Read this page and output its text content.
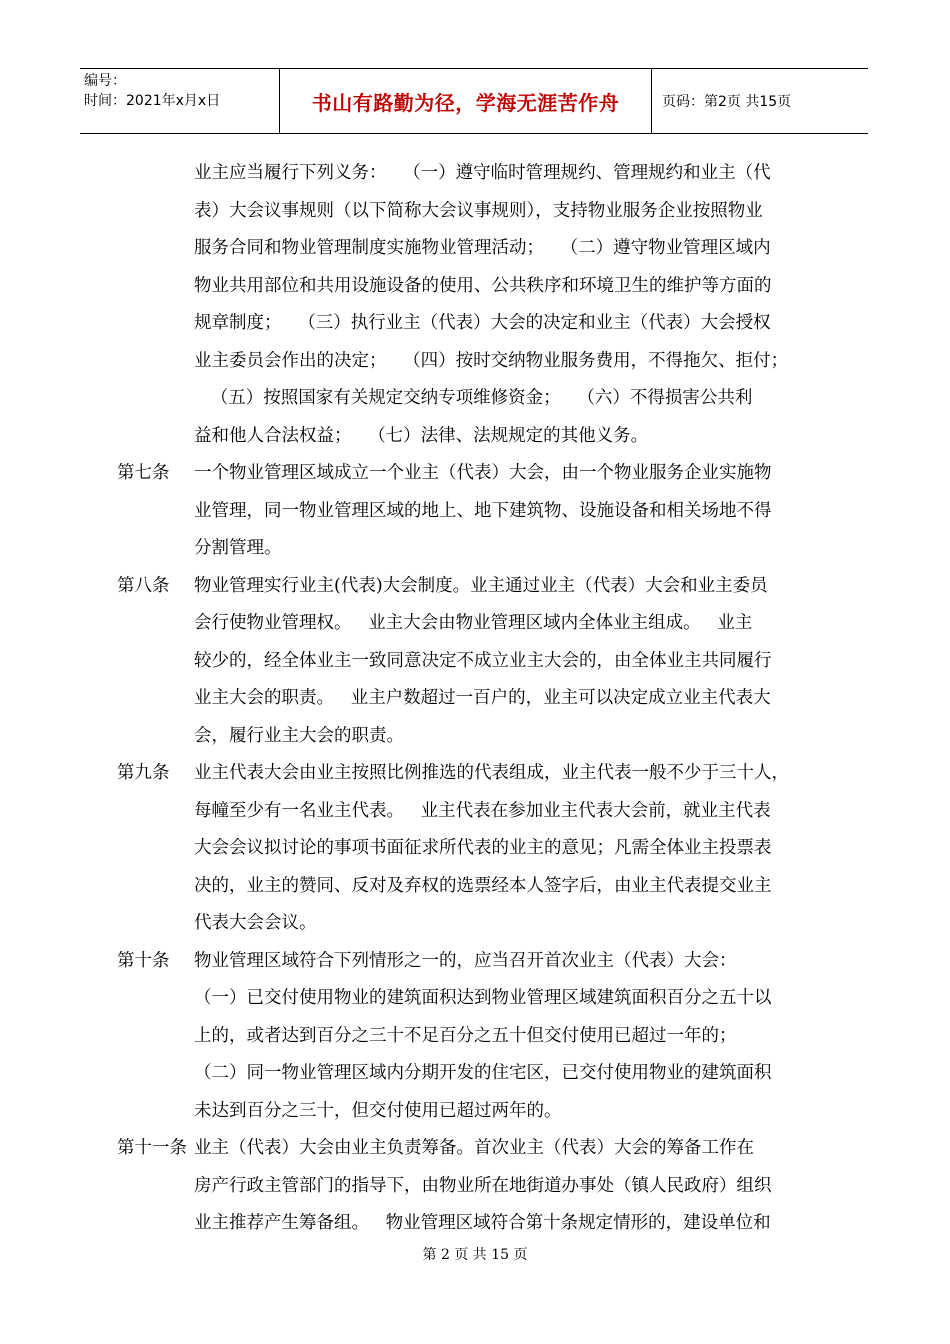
编号：
时间：2021年x月x日	书山有路勤为径，学海无涯苦作舟	页码：第2页 共15页
业主应当履行下列义务：   （一）遵守临时管理规约、管理规约和业主（代
表）大会议事规则（以下简称大会议事规则），支持物业服务企业按照物业
服务合同和物业管理制度实施物业管理活动；   （二）遵守物业管理区域内
物业共用部位和共用设施设备的使用、公共秩序和环境卫生的维护等方面的
规章制度；   （三）执行业主（代表）大会的决定和业主（代表）大会授权
业主委员会作出的决定；   （四）按时交纳物业服务费用，不得拖欠、拒付；
（五）按照国家有关规定交纳专项维修资金；   （六）不得损害公共利
益和他人合法权益；   （七）法律、法规规定的其他义务。
第七条	一个物业管理区域成立一个业主（代表）大会，由一个物业服务企业实施物
业管理，同一物业管理区域的地上、地下建筑物、设施设备和相关场地不得
分割管理。
第八条	物业管理实行业主(代表)大会制度。业主通过业主（代表）大会和业主委员
会行使物业管理权。   业主大会由物业管理区域内全体业主组成。   业主
较少的，经全体业主一致同意决定不成立业主大会的，由全体业主共同履行
业主大会的职责。   业主户数超过一百户的，业主可以决定成立业主代表大
会，履行业主大会的职责。
第九条	业主代表大会由业主按照比例推选的代表组成，业主代表一般不少于三十人，
每幢至少有一名业主代表。   业主代表在参加业主代表大会前，就业主代表
大会会议拟讨论的事项书面征求所代表的业主的意见；凡需全体业主投票表
决的，业主的赞同、反对及弃权的选票经本人签字后，由业主代表提交业主
代表大会会议。
第十条	物业管理区域符合下列情形之一的，应当召开首次业主（代表）大会：
（一）已交付使用物业的建筑面积达到物业管理区域建筑面积百分之五十以
上的，或者达到百分之三十不足百分之五十但交付使用已超过一年的；
（二）同一物业管理区域内分期开发的住宅区，已交付使用物业的建筑面积
未达到百分之三十，但交付使用已超过两年的。
第十一条 业主（代表）大会由业主负责筹备。首次业主（代表）大会的筹备工作在
房产行政主管部门的指导下，由物业所在地街道办事处（镇人民政府）组织
业主推荐产生筹备组。   物业管理区域符合第十条规定情形的，建设单位和
第 2 页 共 15 页
